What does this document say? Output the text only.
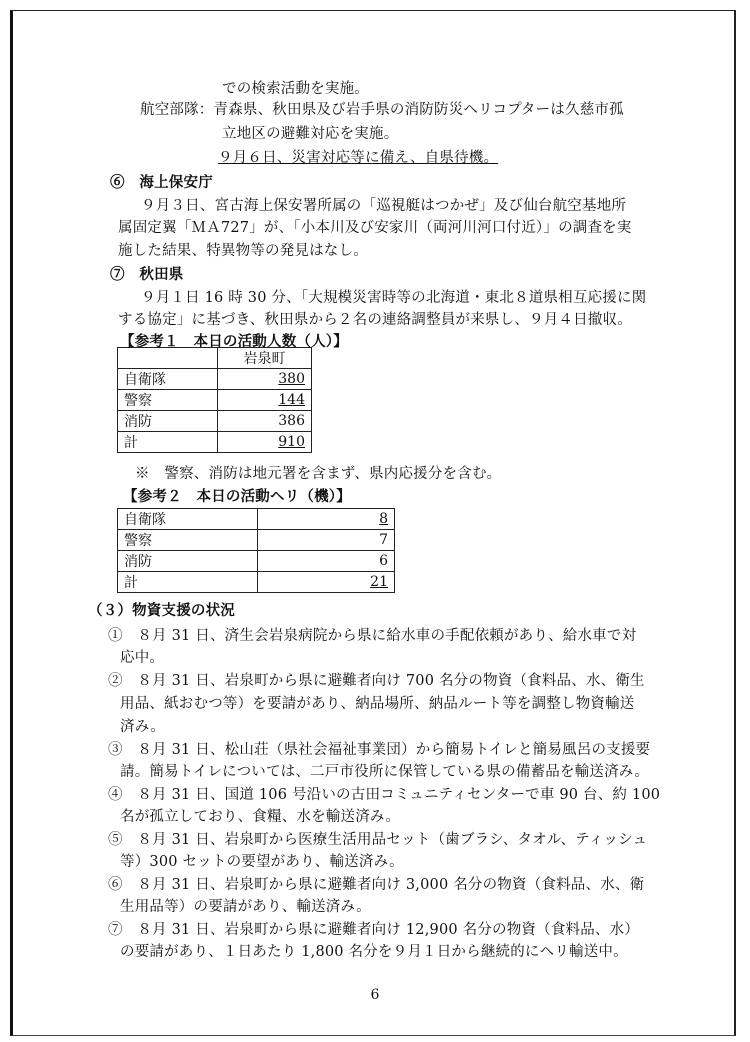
での検索活動を実施。
航空部隊：青森県、秋田県及び岩手県の消防防災ヘリコプターは久慈市孤
立地区の避難対応を実施。
９月６日、災害対応等に備え、自県待機。
⑥　海上保安庁
９月３日、宮古海上保安署所属の「巡視艇はつかぜ」及び仙台航空基地所
属固定翼「ＭＡ727」が、「小本川及び安家川（両河川河口付近）」の調査を実
施した結果、特異物等の発見はなし。
⑦　秋田県
９月１日 16 時 30 分、「大規模災害時等の北海道・東北８道県相互応援に関
する協定」に基づき、秋田県から２名の連絡調整員が来県し、９月４日撤収。
【参考１　本日の活動人数（人）】
	岩泉町
自衛隊	380
警察	144
消防	386
計	910
※　警察、消防は地元署を含まず、県内応援分を含む。
【参考２　本日の活動ヘリ（機）】
自衛隊	8
警察	7
消防	6
計	21
（３）物資支援の状況
①　８月 31 日、済生会岩泉病院から県に給水車の手配依頼があり、給水車で対
応中。
②　８月 31 日、岩泉町から県に避難者向け 700 名分の物資（食料品、水、衛生
用品、紙おむつ等）を要請があり、納品場所、納品ルート等を調整し物資輸送
済み。
③　８月 31 日、松山荘（県社会福祉事業団）から簡易トイレと簡易風呂の支援要
請。簡易トイレについては、二戸市役所に保管している県の備蓄品を輸送済み。
④　８月 31 日、国道 106 号沿いの古田コミュニティセンターで車 90 台、約 100
名が孤立しており、食糧、水を輸送済み。
⑤　８月 31 日、岩泉町から医療生活用品セット（歯ブラシ、タオル、ティッシュ
等）300 セットの要望があり、輸送済み。
⑥　８月 31 日、岩泉町から県に避難者向け 3,000 名分の物資（食料品、水、衛
生用品等）の要請があり、輸送済み。
⑦　８月 31 日、岩泉町から県に避難者向け 12,900 名分の物資（食料品、水）
の要請があり、１日あたり 1,800 名分を９月１日から継続的にヘリ輸送中。
6
